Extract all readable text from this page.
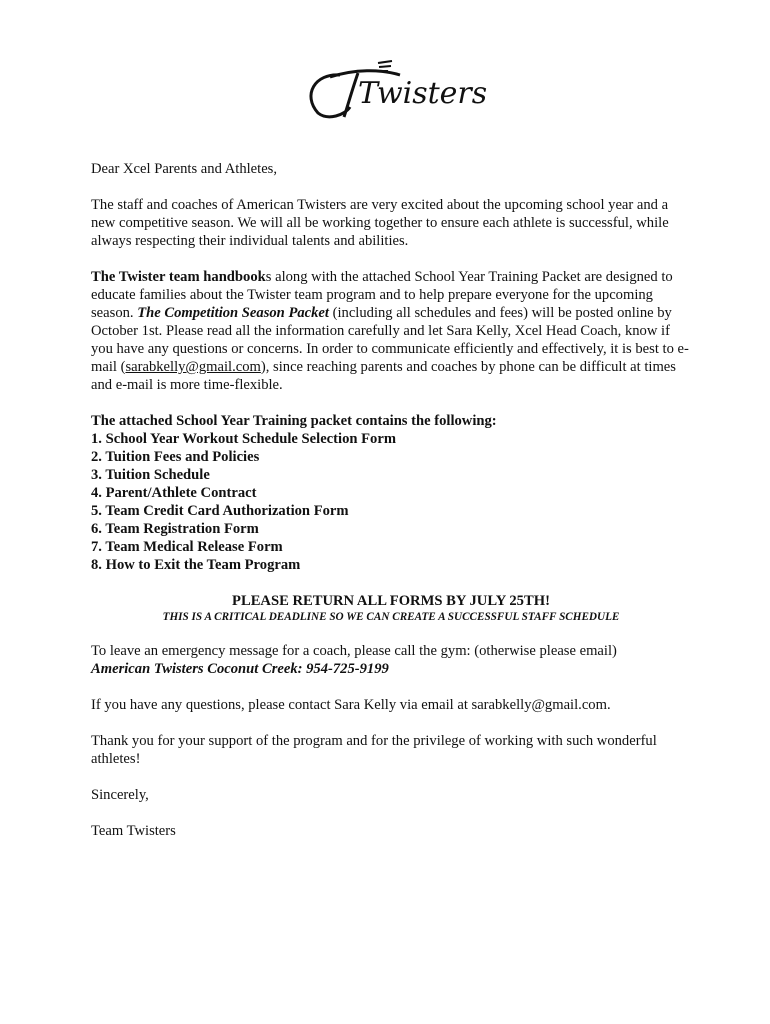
Twisters

Dear Xcel Parents and Athletes,

The staff and coaches of American Twisters are very excited about the upcoming school year and a new competitive season. We will all be working together to ensure each athlete is successful, while always respecting their individual talents and abilities.

The Twister team handbooks along with the attached School Year Training Packet are designed to educate families about the Twister team program and to help prepare everyone for the upcoming season. The Competition Season Packet (including all schedules and fees) will be posted online by October 1st. Please read all the information carefully and let Sara Kelly, Xcel Head Coach, know if you have any questions or concerns. In order to communicate efficiently and effectively, it is best to e-mail (sarabkelly@gmail.com), since reaching parents and coaches by phone can be difficult at times and e-mail is more time-flexible.

The attached School Year Training packet contains the following:

1. School Year Workout Schedule Selection Form
2. Tuition Fees and Policies
3. Tuition Schedule
4. Parent/Athlete Contract
5. Team Credit Card Authorization Form
6. Team Registration Form
7. Team Medical Release Form
8. How to Exit the Team Program

PLEASE RETURN ALL FORMS BY JULY 25TH!

THIS IS A CRITICAL DEADLINE SO WE CAN CREATE A SUCCESSFUL STAFF SCHEDULE

To leave an emergency message for a coach, please call the gym: (otherwise please email)

American Twisters Coconut Creek: 954-725-9199

If you have any questions, please contact Sara Kelly via email at sarabkelly@gmail.com.

Thank you for your support of the program and for the privilege of working with such wonderful athletes!

Sincerely,

Team Twisters
